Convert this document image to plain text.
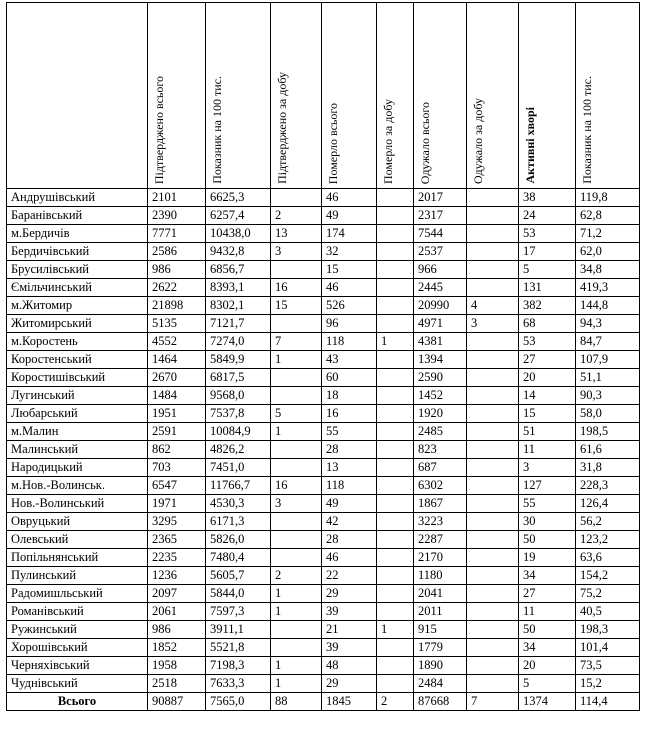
	Підтверджено всього	Показник на 100 тис.	Підтверджено за добу	Померло всього	Померло за добу	Одужало всього	Одужало за добу	Активні хворі	Показник на 100 тис.

Андрушівський	2101	6625,3		46		2017		38	119,8
Баранівський	2390	6257,4	2	49		2317		24	62,8
м.Бердичів	7771	10438,0	13	174		7544		53	71,2
Бердичівський	2586	9432,8	3	32		2537		17	62,0
Брусилівський	986	6856,7		15		966		5	34,8
Ємільчинський	2622	8393,1	16	46		2445		131	419,3
м.Житомир	21898	8302,1	15	526		20990	4	382	144,8
Житомирський	5135	7121,7		96		4971	3	68	94,3
м.Коростень	4552	7274,0	7	118	1	4381		53	84,7
Коростенський	1464	5849,9	1	43		1394		27	107,9
Коростишівський	2670	6817,5		60		2590		20	51,1
Лугинський	1484	9568,0		18		1452		14	90,3
Любарський	1951	7537,8	5	16		1920		15	58,0
м.Малин	2591	10084,9	1	55		2485		51	198,5
Малинський	862	4826,2		28		823		11	61,6
Народицький	703	7451,0		13		687		3	31,8
м.Нов.-Волинськ.	6547	11766,7	16	118		6302		127	228,3
Нов.-Волинський	1971	4530,3	3	49		1867		55	126,4
Овруцький	3295	6171,3		42		3223		30	56,2
Олевський	2365	5826,0		28		2287		50	123,2
Попільнянський	2235	7480,4		46		2170		19	63,6
Пулинський	1236	5605,7	2	22		1180		34	154,2
Радомишльський	2097	5844,0	1	29		2041		27	75,2
Романівський	2061	7597,3	1	39		2011		11	40,5
Ружинський	986	3911,1		21	1	915		50	198,3
Хорошівський	1852	5521,8		39		1779		34	101,4
Черняхівський	1958	7198,3	1	48		1890		20	73,5
Чуднівський	2518	7633,3	1	29		2484		5	15,2
Всього	90887	7565,0	88	1845	2	87668	7	1374	114,4
